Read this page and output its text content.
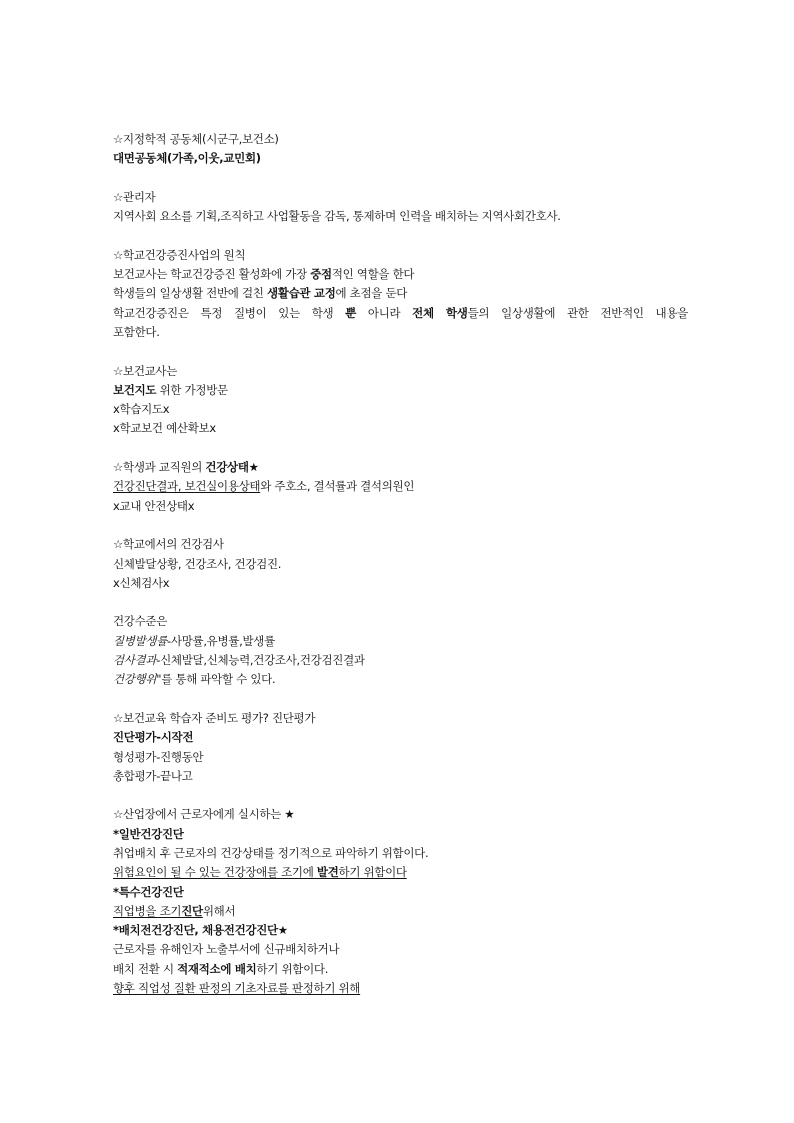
☆지정학적 공동체(시군구,보건소)
대면공동체(가족,이웃,교민회)
☆관리자
지역사회 요소를 기획,조직하고 사업활동을 감독, 통제하며 인력을 배치하는 지역사회간호사.
☆학교건강증진사업의 원칙
보건교사는 학교건강증진 활성화에 가장 중점적인 역할을 한다
학생들의 일상생활 전반에 걸친 생활습관 교정에 초점을 둔다
학교건강증진은 특정 질병이 있는 학생 뿐 아니라 전체 학생들의 일상생활에 관한 전반적인 내용을
포함한다.
☆보건교사는
보건지도 위한 가정방문
x학습지도x
x학교보건 예산확보x
☆학생과 교직원의 건강상태★
건강진단결과, 보건실이용상태와 주호소, 결석률과 결석의원인
x교내 안전상태x
☆학교에서의 건강검사
신체발달상황, 건강조사, 건강검진.
x신체검사x
건강수준은
질병발생률-사망률,유병률,발생률
검사결과-신체발달,신체능력,건강조사,건강검진결과
건강행위"를 통해 파악할 수 있다.
☆보건교육 학습자 준비도 평가? 진단평가
진단평가-시작전
형성평가-진행동안
총합평가-끝나고
☆산업장에서 근로자에게 실시하는 ★
*일반건강진단
취업배치 후 근로자의 건강상태를 정기적으로 파악하기 위함이다.
위험요인이 될 수 있는 건강장애를 조기에 발견하기 위함이다
*특수건강진단
직업병을 조기진단위해서
*배치전건강진단, 채용전건강진단★
근로자를 유해인자 노출부서에 신규배치하거나
배치 전환 시 적재적소에 배치하기 위함이다.
향후 직업성 질환 판정의 기초자료를 판정하기 위해
